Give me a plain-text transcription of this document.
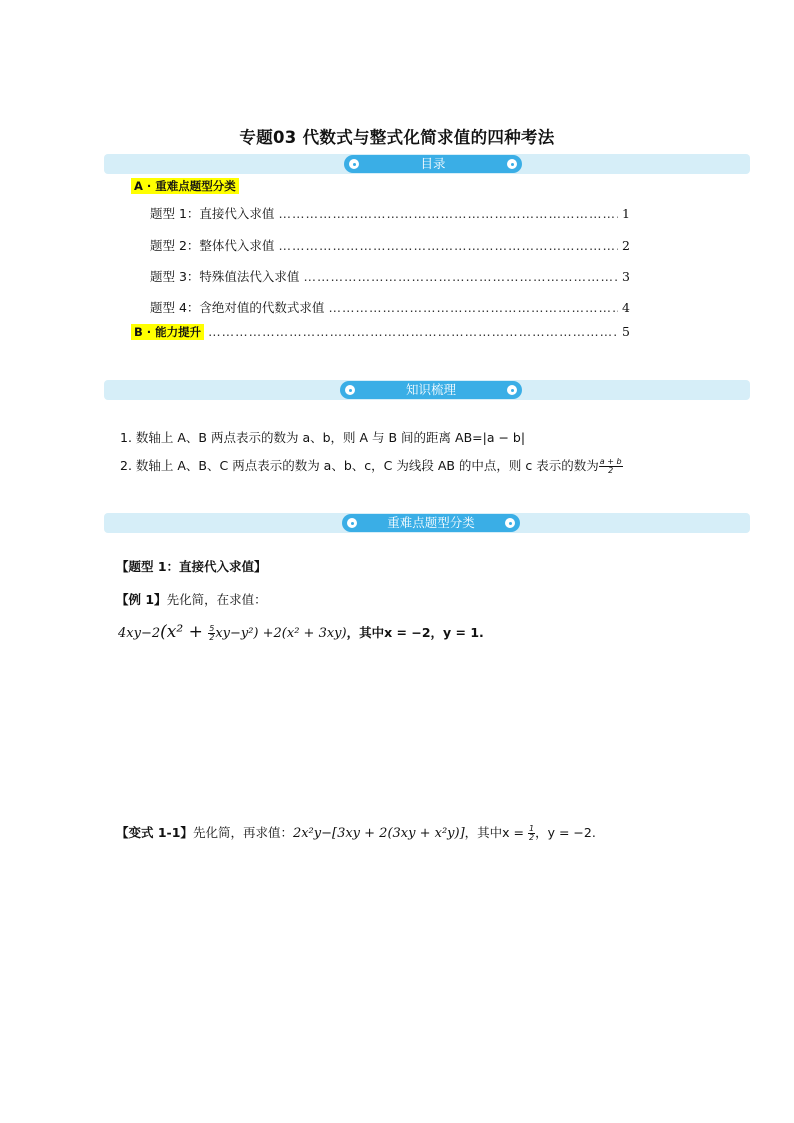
专题03 代数式与整式化简求值的四种考法
目录
A · 重难点题型分类
题型 1：直接代入求值 ……………………………………………………………………………………………………………………………………………………	1
题型 2：整体代入求值 ……………………………………………………………………………………………………………………………………………………	2
题型 3：特殊值法代入求值 ……………………………………………………………………………………………………………………………………………………	3
题型 4：含绝对值的代数式求值 ……………………………………………………………………………………………………………………………………………………	4
B · 能力提升 ……………………………………………………………………………………………………………………………………………………	5
知识梳理
1. 数轴上 A、B 两点表示的数为 a、b，则 A 与 B 间的距离 AB=|a − b|
2. 数轴上 A、B、C 两点表示的数为 a、b、c，C 为线段 AB 的中点，则 c 表示的数为 $\frac{a + b}{2}$
重难点题型分类
【题型 1：直接代入求值】
【例 1】先化简，在求值：
$4xy-2(x^2 + \frac{5}{2} xy-y^2) +2(x^2 + 3xy)$，其中x = −2，y = 1.
【变式 1-1】先化简，再求值：2x²y−[3xy + 2(3xy + x²y)]，其中$x = \frac{1}{2}$ ，y = −2.
